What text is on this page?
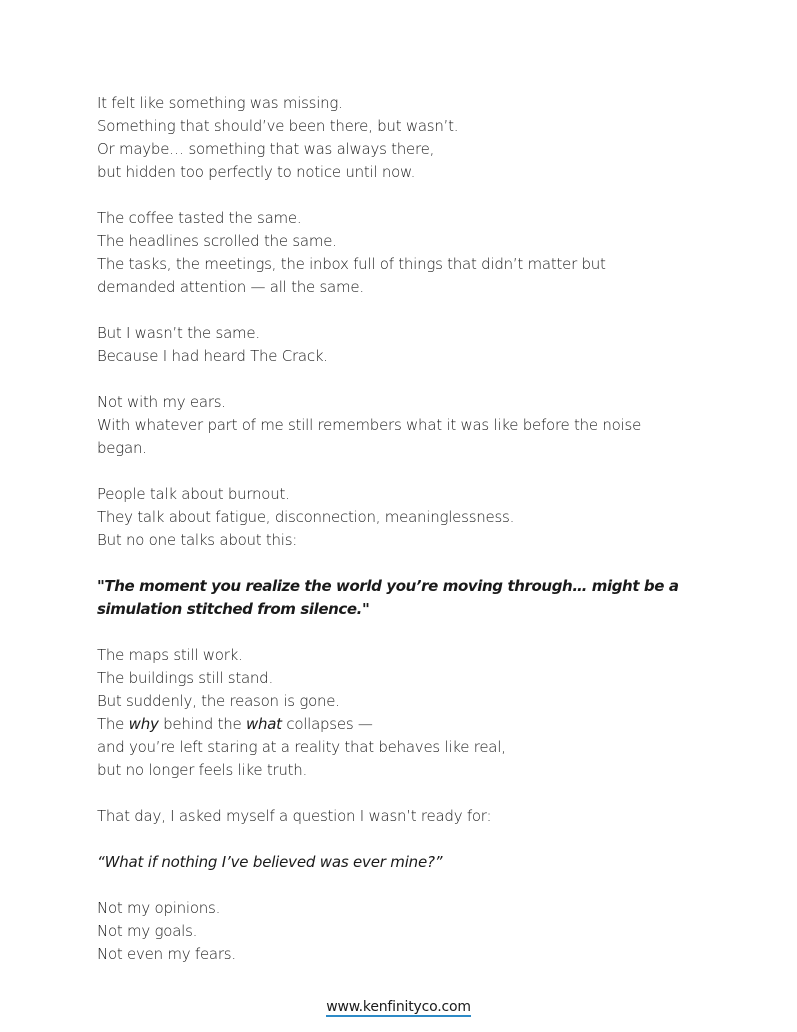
It felt like something was missing.
Something that should’ve been there, but wasn’t.
Or maybe… something that was always there,
but hidden too perfectly to notice until now.
The coffee tasted the same.
The headlines scrolled the same.
The tasks, the meetings, the inbox full of things that didn’t matter but
demanded attention — all the same.
But I wasn’t the same.
Because I had heard The Crack.
Not with my ears.
With whatever part of me still remembers what it was like before the noise
began.
People talk about burnout.
They talk about fatigue, disconnection, meaninglessness.
But no one talks about this:
"The moment you realize the world you’re moving through… might be a
simulation stitched from silence."
The maps still work.
The buildings still stand.
But suddenly, the reason is gone.
The why behind the what collapses —
and you’re left staring at a reality that behaves like real,
but no longer feels like truth.
That day, I asked myself a question I wasn’t ready for:
“What if nothing I’ve believed was ever mine?”
Not my opinions.
Not my goals.
Not even my fears.
www.kenfinityco.com
